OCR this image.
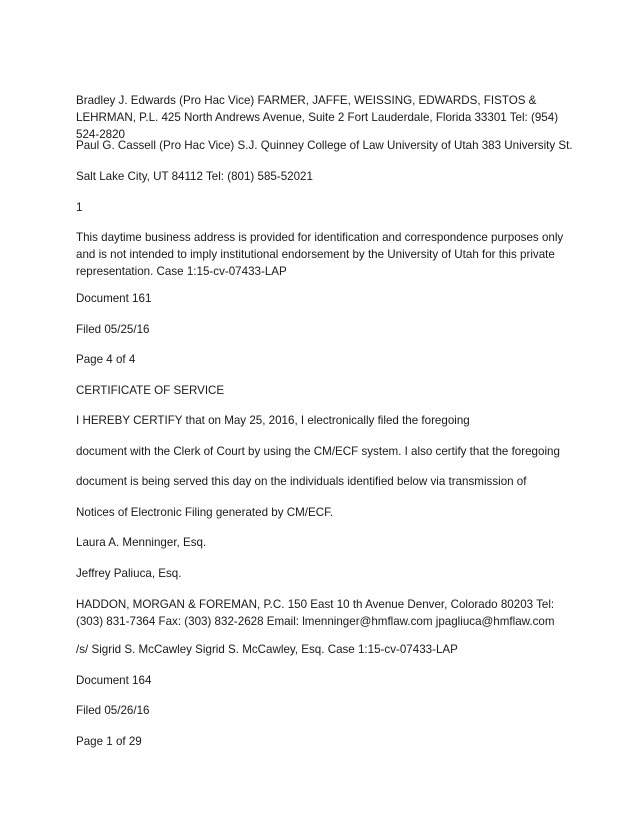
Bradley J. Edwards (Pro Hac Vice) FARMER, JAFFE, WEISSING, EDWARDS, FISTOS & LEHRMAN, P.L. 425 North Andrews Avenue, Suite 2 Fort Lauderdale, Florida 33301 Tel: (954) 524-2820

Paul G. Cassell (Pro Hac Vice) S.J. Quinney College of Law University of Utah 383 University St.

Salt Lake City, UT 84112 Tel: (801) 585-52021

1

This daytime business address is provided for identification and correspondence purposes only and is not intended to imply institutional endorsement by the University of Utah for this private representation. Case 1:15-cv-07433-LAP

Document 161

Filed 05/25/16

Page 4 of 4

CERTIFICATE OF SERVICE

I HEREBY CERTIFY that on May 25, 2016, I electronically filed the foregoing

document with the Clerk of Court by using the CM/ECF system. I also certify that the foregoing

document is being served this day on the individuals identified below via transmission of

Notices of Electronic Filing generated by CM/ECF.

Laura A. Menninger, Esq.

Jeffrey Paliuca, Esq.

HADDON, MORGAN & FOREMAN, P.C. 150 East 10 th Avenue Denver, Colorado 80203 Tel: (303) 831-7364 Fax: (303) 832-2628 Email: lmenninger@hmflaw.com jpagliuca@hmflaw.com

/s/ Sigrid S. McCawley Sigrid S. McCawley, Esq. Case 1:15-cv-07433-LAP

Document 164

Filed 05/26/16

Page 1 of 29
